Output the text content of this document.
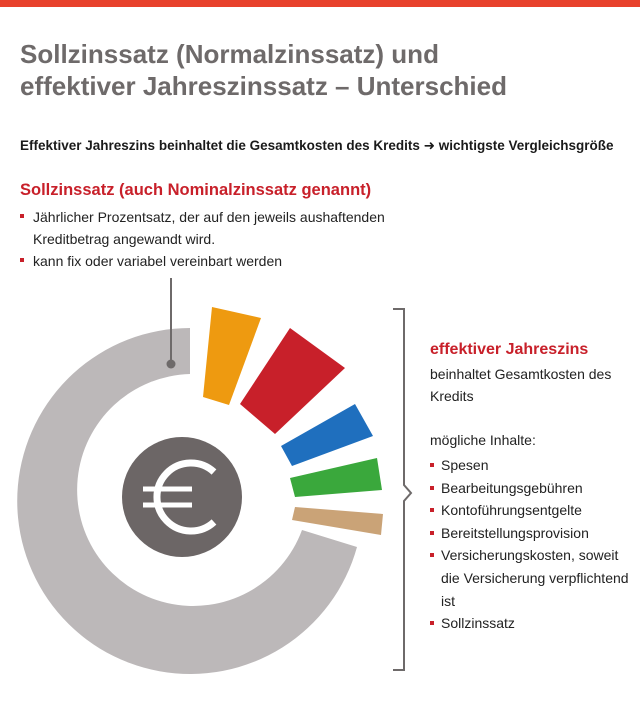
Sollzinssatz (Normalzinssatz) und
effektiver Jahreszinssatz – Unterschied
Effektiver Jahreszins beinhaltet die Gesamtkosten des Kredits ➜ wichtigste Vergleichsgröße
Sollzinssatz (auch Nominalzinssatz genannt)
Jährlicher Prozentsatz, der auf den jeweils aushaftenden Kreditbetrag angewandt wird.
kann fix oder variabel vereinbart werden
effektiver Jahreszins
beinhaltet Gesamtkosten des Kredits
mögliche Inhalte:
Spesen
Bearbeitungsgebühren
Kontoführungsentgelte
Bereitstellungsprovision
Versicherungskosten, soweit die Versicherung verpflichtend ist
Sollzinssatz
